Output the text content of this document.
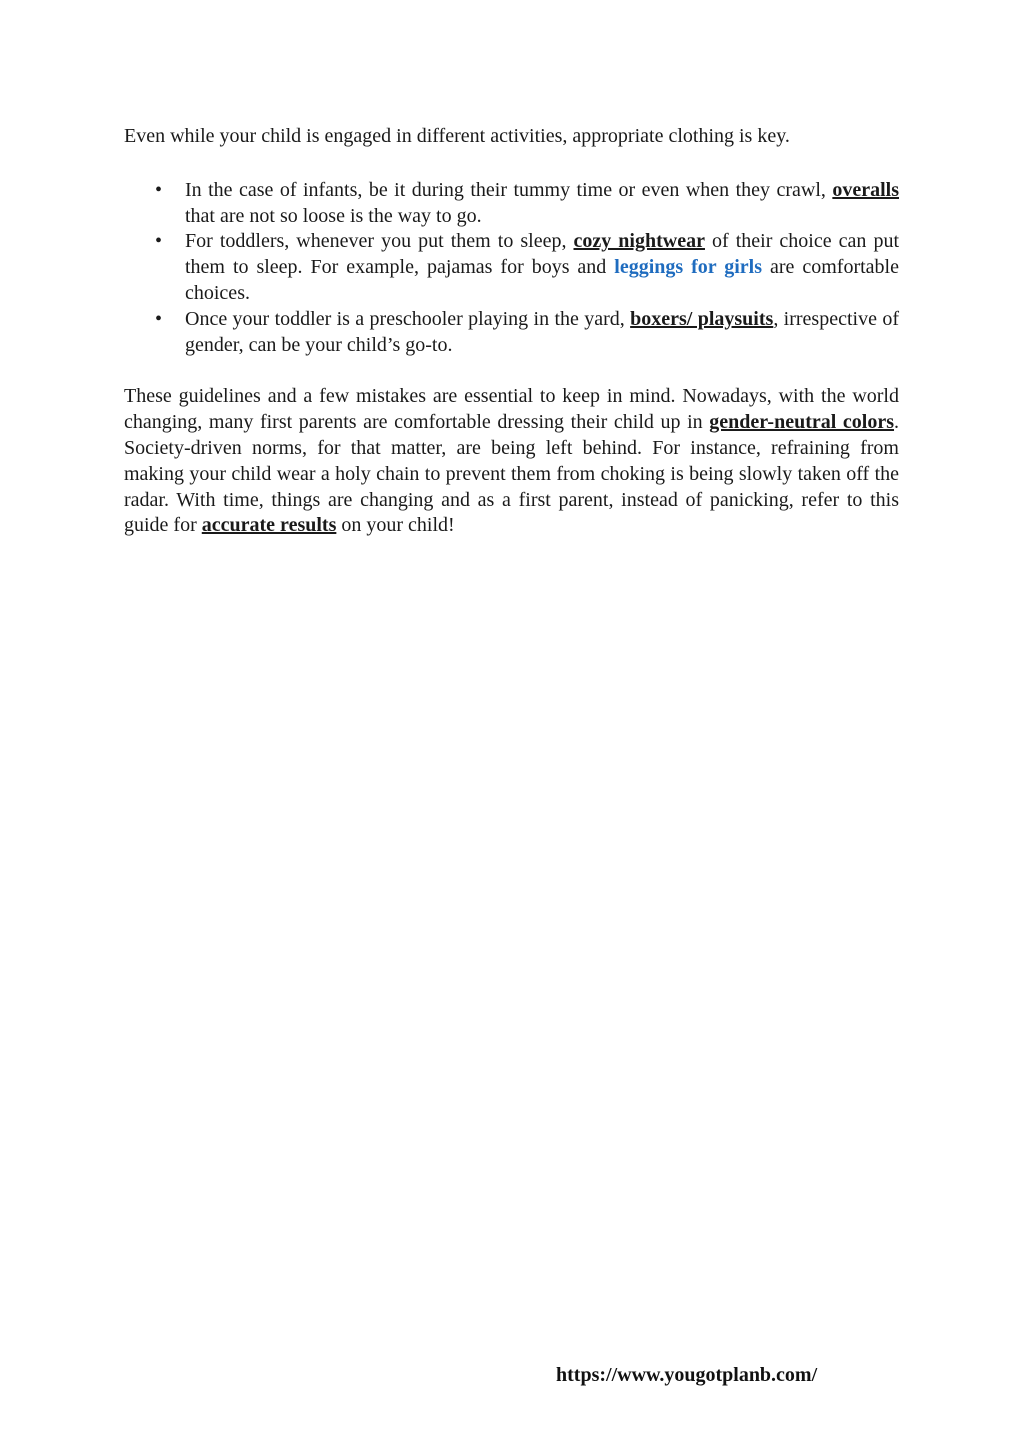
Even while your child is engaged in different activities, appropriate clothing is key.

• In the case of infants, be it during their tummy time or even when they crawl, overalls that are not so loose is the way to go.
• For toddlers, whenever you put them to sleep, cozy nightwear of their choice can put them to sleep. For example, pajamas for boys and leggings for girls are comfortable choices.
• Once your toddler is a preschooler playing in the yard, boxers/ playsuits, irrespective of gender, can be your child’s go-to.

These guidelines and a few mistakes are essential to keep in mind. Nowadays, with the world changing, many first parents are comfortable dressing their child up in gender-neutral colors. Society-driven norms, for that matter, are being left behind. For instance, refraining from making your child wear a holy chain to prevent them from choking is being slowly taken off the radar. With time, things are changing and as a first parent, instead of panicking, refer to this guide for accurate results on your child!

https://www.yougotplanb.com/
